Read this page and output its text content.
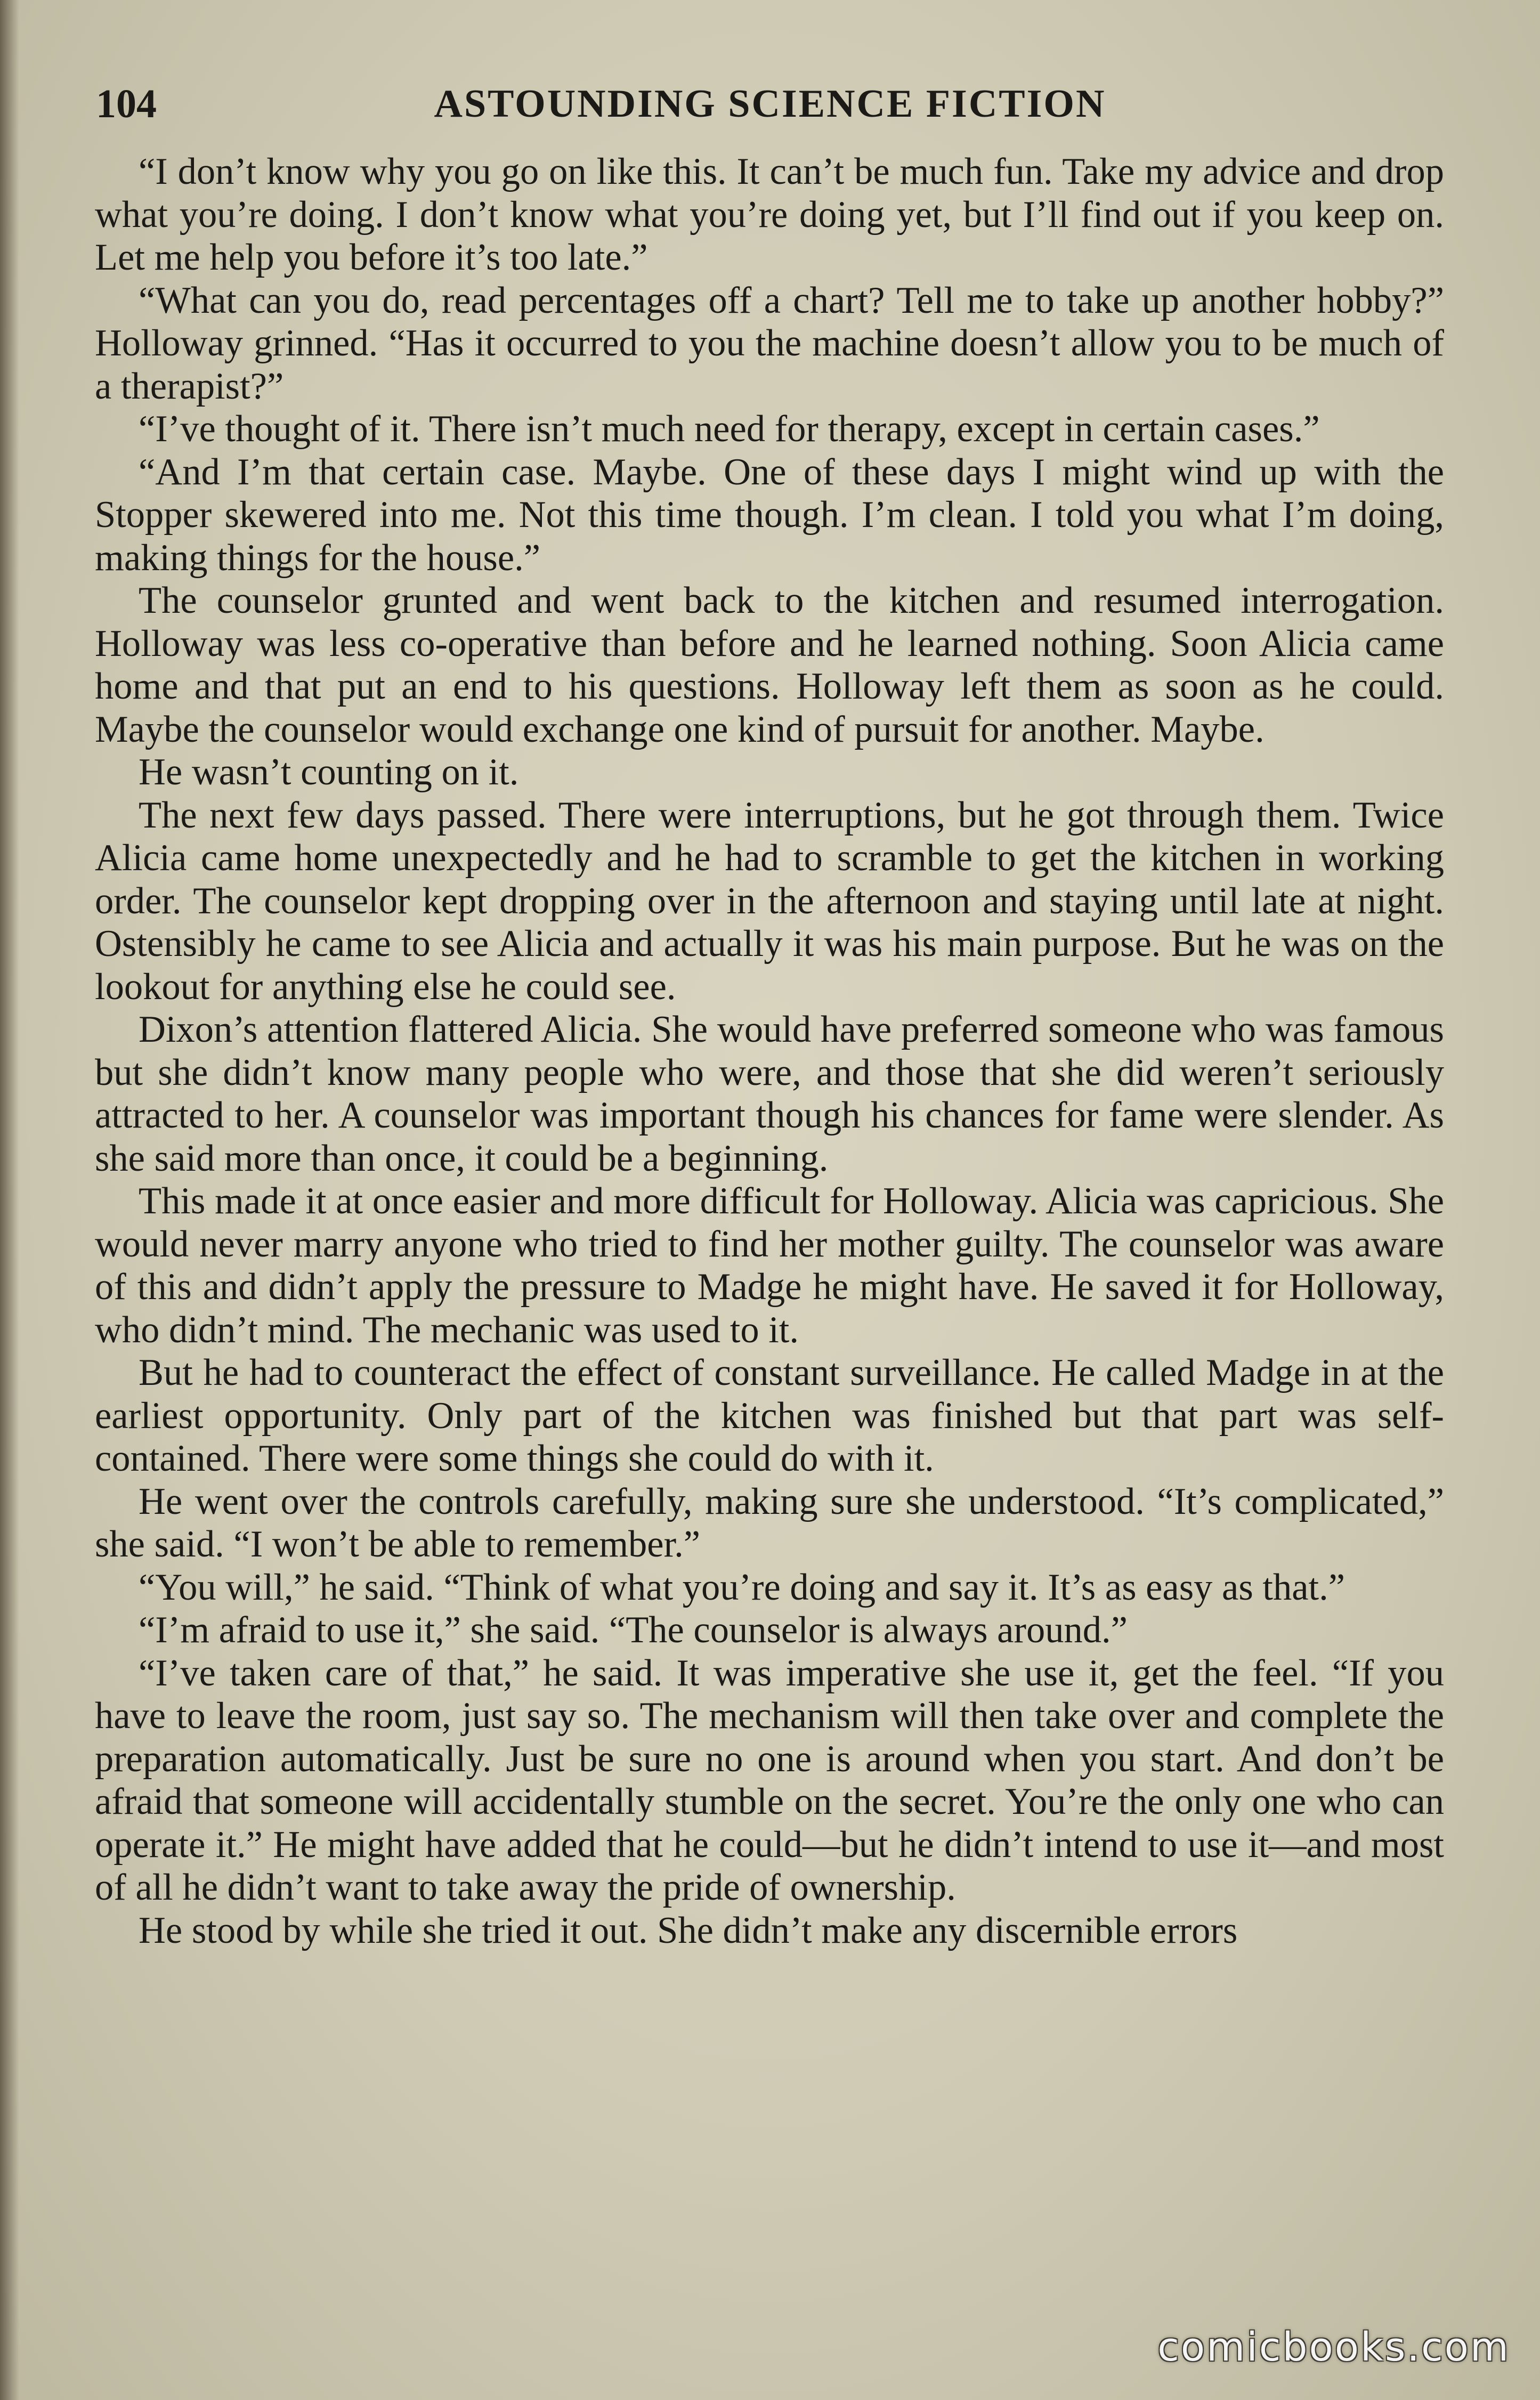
104	ASTOUNDING SCIENCE FICTION

“I don’t know why you go on like this. It can’t be much fun. Take my advice and drop what you’re doing. I don’t know what you’re doing yet, but I’ll find out if you keep on. Let me help you before it’s too late.”

“What can you do, read percentages off a chart? Tell me to take up another hobby?” Holloway grinned. “Has it occurred to you the machine doesn’t allow you to be much of a therapist?”

“I’ve thought of it. There isn’t much need for therapy, except in certain cases.”

“And I’m that certain case. Maybe. One of these days I might wind up with the Stopper skewered into me. Not this time though. I’m clean. I told you what I’m doing, making things for the house.”

The counselor grunted and went back to the kitchen and resumed interrogation. Holloway was less co-operative than before and he learned nothing. Soon Alicia came home and that put an end to his questions. Holloway left them as soon as he could. Maybe the counselor would exchange one kind of pursuit for another. Maybe.

He wasn’t counting on it.

The next few days passed. There were interruptions, but he got through them. Twice Alicia came home unexpectedly and he had to scramble to get the kitchen in working order. The counselor kept dropping over in the afternoon and staying until late at night. Ostensibly he came to see Alicia and actually it was his main purpose. But he was on the lookout for anything else he could see.

Dixon’s attention flattered Alicia. She would have preferred someone who was famous but she didn’t know many people who were, and those that she did weren’t seriously attracted to her. A counselor was important though his chances for fame were slender. As she said more than once, it could be a beginning.

This made it at once easier and more difficult for Holloway. Alicia was capricious. She would never marry anyone who tried to find her mother guilty. The counselor was aware of this and didn’t apply the pressure to Madge he might have. He saved it for Holloway, who didn’t mind. The mechanic was used to it.

But he had to counteract the effect of constant surveillance. He called Madge in at the earliest opportunity. Only part of the kitchen was finished but that part was self-contained. There were some things she could do with it.

He went over the controls carefully, making sure she understood. “It’s complicated,” she said. “I won’t be able to remember.”

“You will,” he said. “Think of what you’re doing and say it. It’s as easy as that.”

“I’m afraid to use it,” she said. “The counselor is always around.”

“I’ve taken care of that,” he said. It was imperative she use it, get the feel. “If you have to leave the room, just say so. The mechanism will then take over and complete the preparation automatically. Just be sure no one is around when you start. And don’t be afraid that someone will accidentally stumble on the secret. You’re the only one who can operate it.” He might have added that he could—but he didn’t intend to use it—and most of all he didn’t want to take away the pride of ownership.

He stood by while she tried it out. She didn’t make any discernible errors

comicbooks.com
